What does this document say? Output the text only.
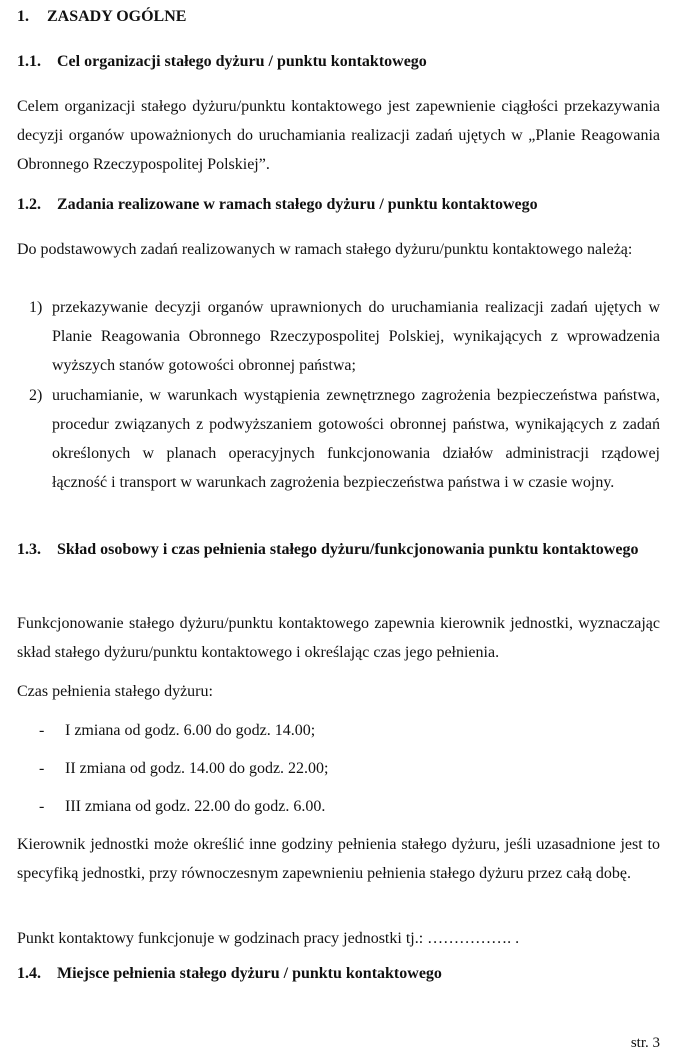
1. ZASADY OGÓLNE
1.1. Cel organizacji stałego dyżuru / punktu kontaktowego

Celem organizacji stałego dyżuru/punktu kontaktowego jest zapewnienie ciągłości przekazywania decyzji organów upoważnionych do uruchamiania realizacji zadań ujętych w „Planie Reagowania Obronnego Rzeczypospolitej Polskiej”.

1.2. Zadania realizowane w ramach stałego dyżuru / punktu kontaktowego

Do podstawowych zadań realizowanych w ramach stałego dyżuru/punktu kontaktowego należą:

1) przekazywanie decyzji organów uprawnionych do uruchamiania realizacji zadań ujętych w Planie Reagowania Obronnego Rzeczypospolitej Polskiej, wynikających z wprowadzenia wyższych stanów gotowości obronnej państwa;
2) uruchamianie, w warunkach wystąpienia zewnętrznego zagrożenia bezpieczeństwa państwa, procedur związanych z podwyższaniem gotowości obronnej państwa, wynikających z zadań określonych w planach operacyjnych funkcjonowania działów administracji rządowej łączność i transport w warunkach zagrożenia bezpieczeństwa państwa i w czasie wojny.
1.3. Skład osobowy i czas pełnienia stałego dyżuru/funkcjonowania punktu kontaktowego

Funkcjonowanie stałego dyżuru/punktu kontaktowego zapewnia kierownik jednostki, wyznaczając skład stałego dyżuru/punktu kontaktowego i określając czas jego pełnienia.

Czas pełnienia stałego dyżuru:

- I zmiana od godz. 6.00 do godz. 14.00;
- II zmiana od godz. 14.00 do godz. 22.00;
- III zmiana od godz. 22.00 do godz. 6.00.

Kierownik jednostki może określić inne godziny pełnienia stałego dyżuru, jeśli uzasadnione jest to specyfiką jednostki, przy równoczesnym zapewnieniu pełnienia stałego dyżuru przez całą dobę.

Punkt kontaktowy funkcjonuje w godzinach pracy jednostki tj.: ……………. .

1.4. Miejsce pełnienia stałego dyżuru / punktu kontaktowego
str. 3
